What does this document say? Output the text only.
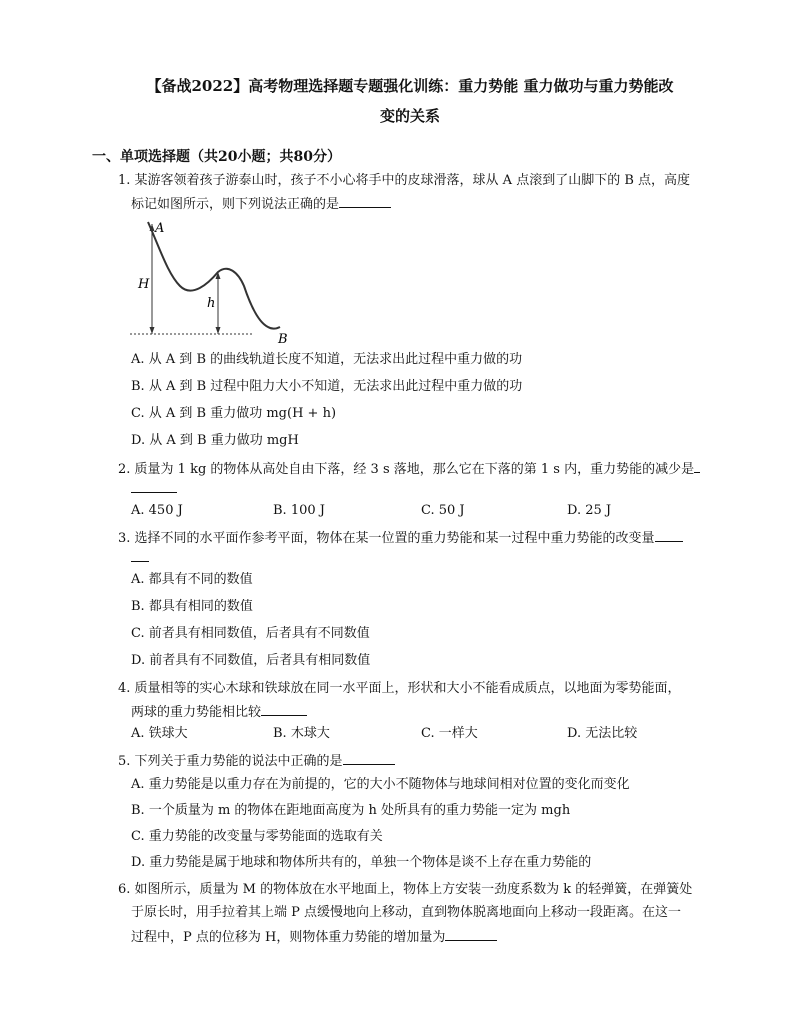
【备战2022】高考物理选择题专题强化训练：重力势能 重力做功与重力势能改
变的关系
一、单项选择题（共20小题；共80分）
1. 某游客领着孩子游泰山时，孩子不小心将手中的皮球滑落，球从 A 点滚到了山脚下的 B 点，高度
标记如图所示，则下列说法正确的是
A
H
h
B
A. 从 A 到 B 的曲线轨道长度不知道，无法求出此过程中重力做的功
B. 从 A 到 B 过程中阻力大小不知道，无法求出此过程中重力做的功
C. 从 A 到 B 重力做功 mg(H + h)
D. 从 A 到 B 重力做功 mgH
2. 质量为 1 kg 的物体从高处自由下落，经 3 s 落地，那么它在下落的第 1 s 内，重力势能的减少是
A. 450 J	B. 100 J	C. 50 J	D. 25 J
3. 选择不同的水平面作参考平面，物体在某一位置的重力势能和某一过程中重力势能的改变量
A. 都具有不同的数值
B. 都具有相同的数值
C. 前者具有相同数值，后者具有不同数值
D. 前者具有不同数值，后者具有相同数值
4. 质量相等的实心木球和铁球放在同一水平面上，形状和大小不能看成质点，以地面为零势能面，
两球的重力势能相比较
A. 铁球大	B. 木球大	C. 一样大	D. 无法比较
5. 下列关于重力势能的说法中正确的是
A. 重力势能是以重力存在为前提的，它的大小不随物体与地球间相对位置的变化而变化
B. 一个质量为 m 的物体在距地面高度为 h 处所具有的重力势能一定为 mgh
C. 重力势能的改变量与零势能面的选取有关
D. 重力势能是属于地球和物体所共有的，单独一个物体是谈不上存在重力势能的
6. 如图所示，质量为 M 的物体放在水平地面上，物体上方安装一劲度系数为 k 的轻弹簧，在弹簧处
于原长时，用手拉着其上端 P 点缓慢地向上移动，直到物体脱离地面向上移动一段距离。在这一
过程中，P 点的位移为 H，则物体重力势能的增加量为
